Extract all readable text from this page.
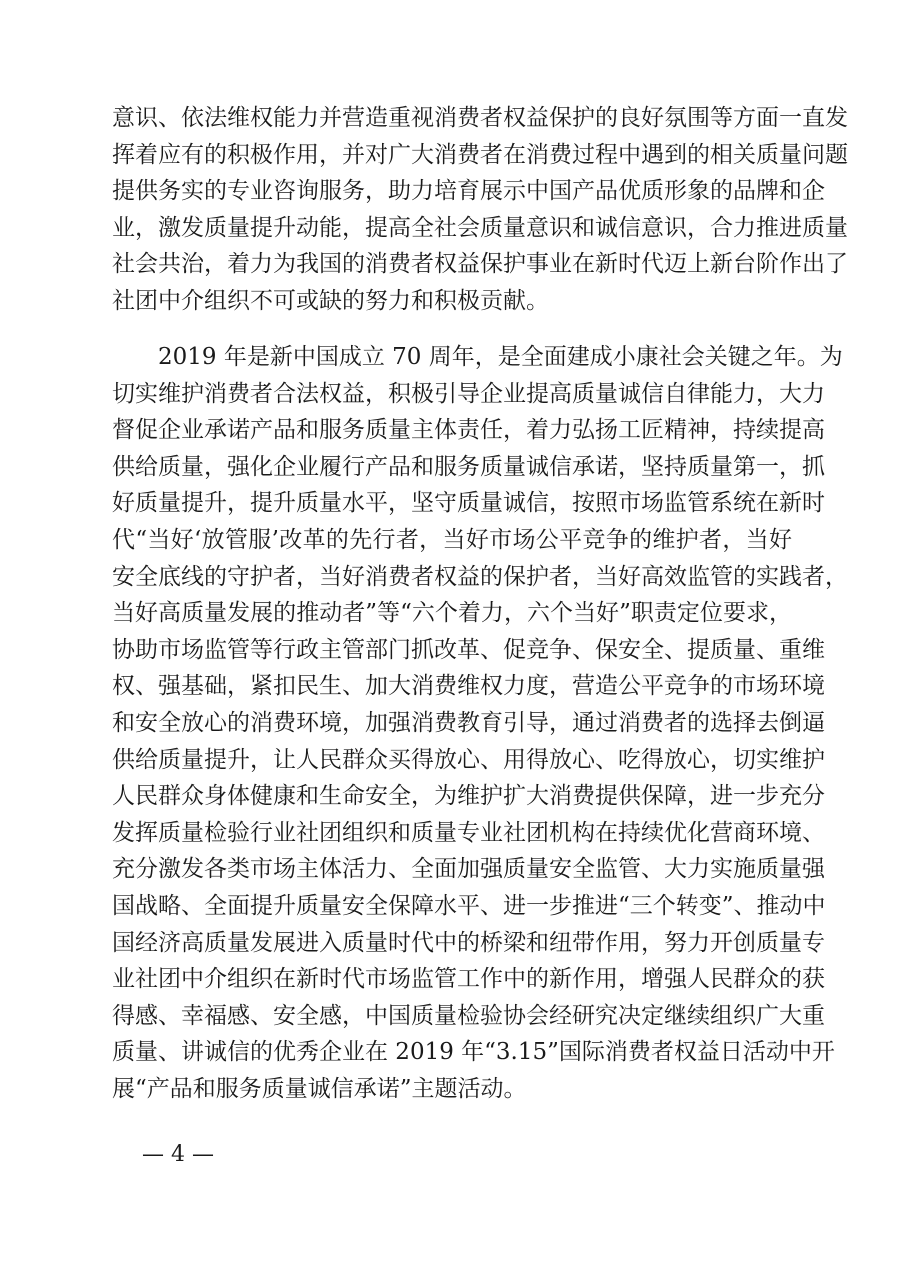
意识、依法维权能力并营造重视消费者权益保护的良好氛围等方面一直发
挥着应有的积极作用，并对广大消费者在消费过程中遇到的相关质量问题
提供务实的专业咨询服务，助力培育展示中国产品优质形象的品牌和企
业，激发质量提升动能，提高全社会质量意识和诚信意识，合力推进质量
社会共治，着力为我国的消费者权益保护事业在新时代迈上新台阶作出了
社团中介组织不可或缺的努力和积极贡献。
2019 年是新中国成立 70 周年，是全面建成小康社会关键之年。为
切实维护消费者合法权益，积极引导企业提高质量诚信自律能力，大力
督促企业承诺产品和服务质量主体责任，着力弘扬工匠精神，持续提高
供给质量，强化企业履行产品和服务质量诚信承诺，坚持质量第一，抓
好质量提升，提升质量水平，坚守质量诚信，按照市场监管系统在新时
代“当好‘放管服’改革的先行者，当好市场公平竞争的维护者，当好
安全底线的守护者，当好消费者权益的保护者，当好高效监管的实践者，
当好高质量发展的推动者”等“六个着力，六个当好”职责定位要求，
协助市场监管等行政主管部门抓改革、促竞争、保安全、提质量、重维
权、强基础，紧扣民生、加大消费维权力度，营造公平竞争的市场环境
和安全放心的消费环境，加强消费教育引导，通过消费者的选择去倒逼
供给质量提升，让人民群众买得放心、用得放心、吃得放心，切实维护
人民群众身体健康和生命安全，为维护扩大消费提供保障，进一步充分
发挥质量检验行业社团组织和质量专业社团机构在持续优化营商环境、
充分激发各类市场主体活力、全面加强质量安全监管、大力实施质量强
国战略、全面提升质量安全保障水平、进一步推进“三个转变”、推动中
国经济高质量发展进入质量时代中的桥梁和纽带作用，努力开创质量专
业社团中介组织在新时代市场监管工作中的新作用，增强人民群众的获
得感、幸福感、安全感，中国质量检验协会经研究决定继续组织广大重
质量、讲诚信的优秀企业在 2019 年“3.15”国际消费者权益日活动中开
展“产品和服务质量诚信承诺”主题活动。
— 4 —
